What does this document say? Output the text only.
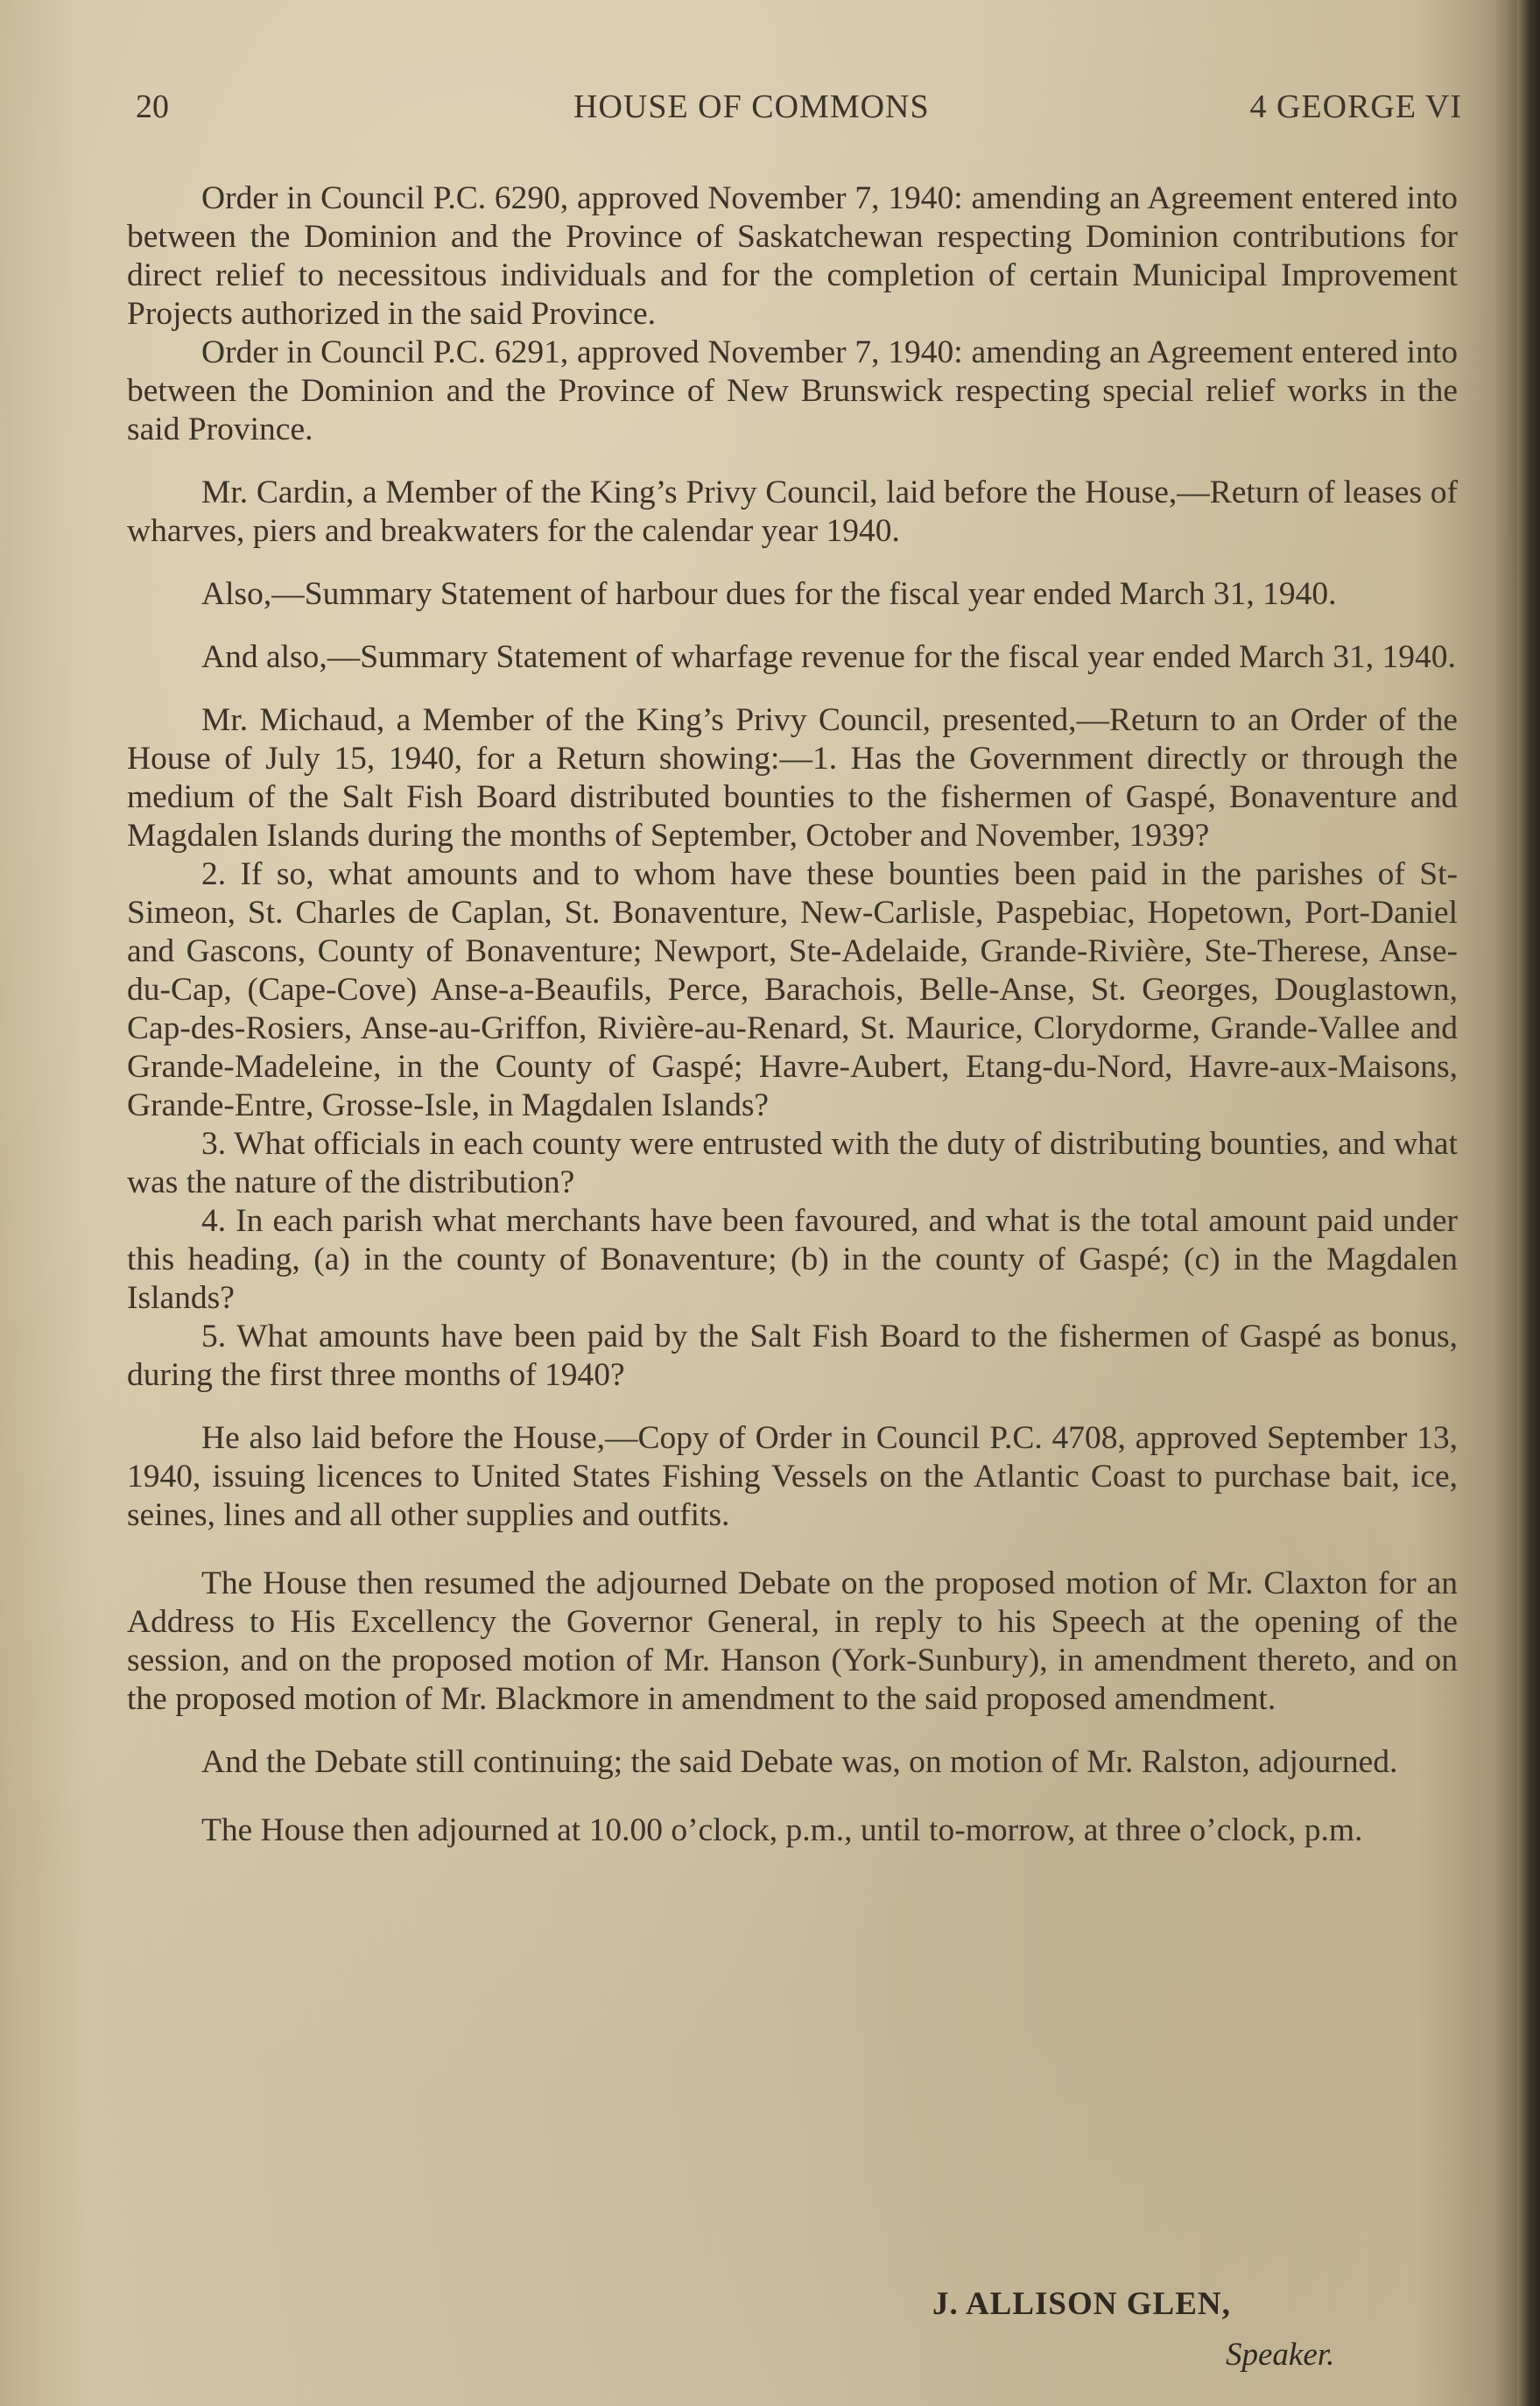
20	HOUSE OF COMMONS	4 GEORGE VI

Order in Council P.C. 6290, approved November 7, 1940: amending an Agreement entered into between the Dominion and the Province of Saskatchewan respecting Dominion contributions for direct relief to necessitous individuals and for the completion of certain Municipal Improvement Projects authorized in the said Province.

Order in Council P.C. 6291, approved November 7, 1940: amending an Agreement entered into between the Dominion and the Province of New Brunswick respecting special relief works in the said Province.

Mr. Cardin, a Member of the King’s Privy Council, laid before the House,—Return of leases of wharves, piers and breakwaters for the calendar year 1940.

Also,—Summary Statement of harbour dues for the fiscal year ended March 31, 1940.

And also,—Summary Statement of wharfage revenue for the fiscal year ended March 31, 1940.

Mr. Michaud, a Member of the King’s Privy Council, presented,—Return to an Order of the House of July 15, 1940, for a Return showing:—1. Has the Government directly or through the medium of the Salt Fish Board distributed bounties to the fishermen of Gaspé, Bonaventure and Magdalen Islands during the months of September, October and November, 1939?

2. If so, what amounts and to whom have these bounties been paid in the parishes of St-Simeon, St. Charles de Caplan, St. Bonaventure, New-Carlisle, Paspebiac, Hopetown, Port-Daniel and Gascons, County of Bonaventure; Newport, Ste-Adelaide, Grande-Rivière, Ste-Therese, Anse-du-Cap, (Cape-Cove) Anse-a-Beaufils, Perce, Barachois, Belle-Anse, St. Georges, Douglastown, Cap-des-Rosiers, Anse-au-Griffon, Rivière-au-Renard, St. Maurice, Clorydorme, Grande-Vallee and Grande-Madeleine, in the County of Gaspé; Havre-Aubert, Etang-du-Nord, Havre-aux-Maisons, Grande-Entre, Grosse-Isle, in Magdalen Islands?

3. What officials in each county were entrusted with the duty of distributing bounties, and what was the nature of the distribution?

4. In each parish what merchants have been favoured, and what is the total amount paid under this heading, (a) in the county of Bonaventure; (b) in the county of Gaspé; (c) in the Magdalen Islands?

5. What amounts have been paid by the Salt Fish Board to the fishermen of Gaspé as bonus, during the first three months of 1940?

He also laid before the House,—Copy of Order in Council P.C. 4708, approved September 13, 1940, issuing licences to United States Fishing Vessels on the Atlantic Coast to purchase bait, ice, seines, lines and all other supplies and outfits.

The House then resumed the adjourned Debate on the proposed motion of Mr. Claxton for an Address to His Excellency the Governor General, in reply to his Speech at the opening of the session, and on the proposed motion of Mr. Hanson (York-Sunbury), in amendment thereto, and on the proposed motion of Mr. Blackmore in amendment to the said proposed amendment.

And the Debate still continuing; the said Debate was, on motion of Mr. Ralston, adjourned.

The House then adjourned at 10.00 o’clock, p.m., until to-morrow, at three o’clock, p.m.

J. ALLISON GLEN,
Speaker.
